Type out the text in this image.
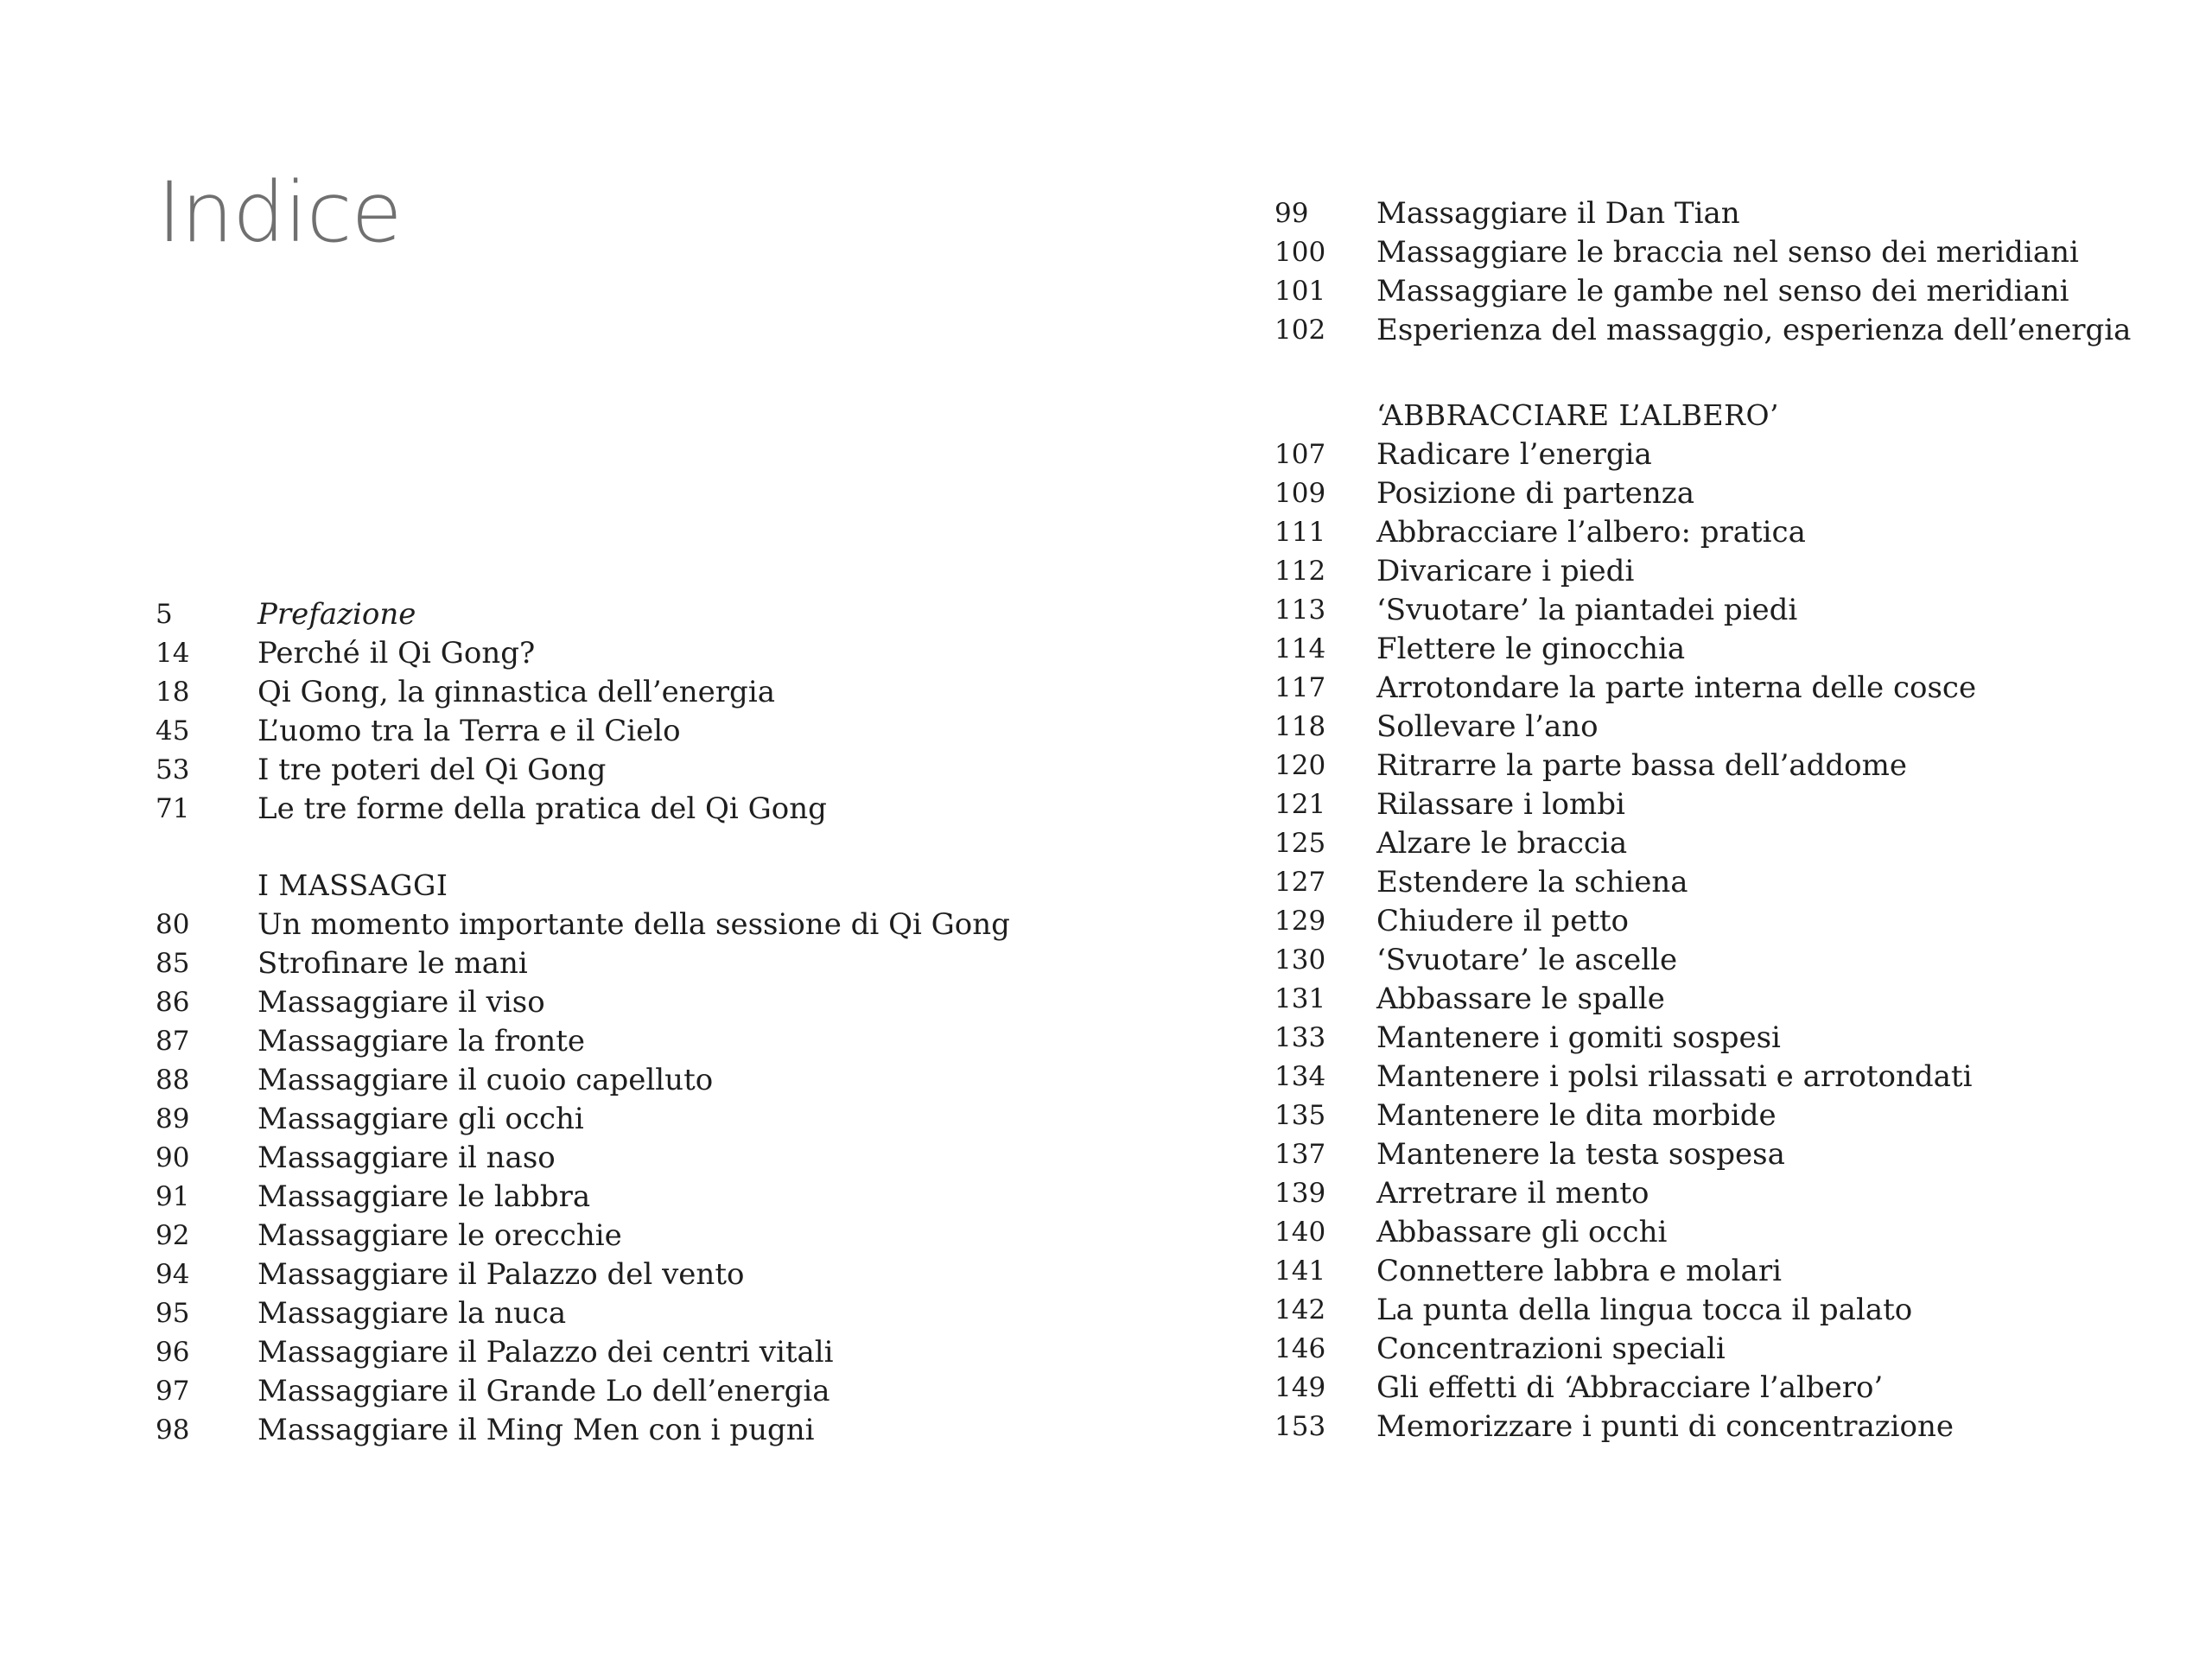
Indice
5	Prefazione
14	Perché il Qi Gong?
18	Qi Gong, la ginnastica dell’energia
45	L’uomo tra la Terra e il Cielo
53	I tre poteri del Qi Gong
71	Le tre forme della pratica del Qi Gong
I MASSAGGI
80	Un momento importante della sessione di Qi Gong
85	Strofinare le mani
86	Massaggiare il viso
87	Massaggiare la fronte
88	Massaggiare il cuoio capelluto
89	Massaggiare gli occhi
90	Massaggiare il naso
91	Massaggiare le labbra
92	Massaggiare le orecchie
94	Massaggiare il Palazzo del vento
95	Massaggiare la nuca
96	Massaggiare il Palazzo dei centri vitali
97	Massaggiare il Grande Lo dell’energia
98	Massaggiare il Ming Men con i pugni
99	Massaggiare il Dan Tian
100	Massaggiare le braccia nel senso dei meridiani
101	Massaggiare le gambe nel senso dei meridiani
102	Esperienza del massaggio, esperienza dell’energia
‘ABBRACCIARE L’ALBERO’
107	Radicare l’energia
109	Posizione di partenza
111	Abbracciare l’albero: pratica
112	Divaricare i piedi
113	‘Svuotare’ la piantadei piedi
114	Flettere le ginocchia
117	Arrotondare la parte interna delle cosce
118	Sollevare l’ano
120	Ritrarre la parte bassa dell’addome
121	Rilassare i lombi
125	Alzare le braccia
127	Estendere la schiena
129	Chiudere il petto
130	‘Svuotare’ le ascelle
131	Abbassare le spalle
133	Mantenere i gomiti sospesi
134	Mantenere i polsi rilassati e arrotondati
135	Mantenere le dita morbide
137	Mantenere la testa sospesa
139	Arretrare il mento
140	Abbassare gli occhi
141	Connettere labbra e molari
142	La punta della lingua tocca il palato
146	Concentrazioni speciali
149	Gli effetti di ‘Abbracciare l’albero’
153	Memorizzare i punti di concentrazione
